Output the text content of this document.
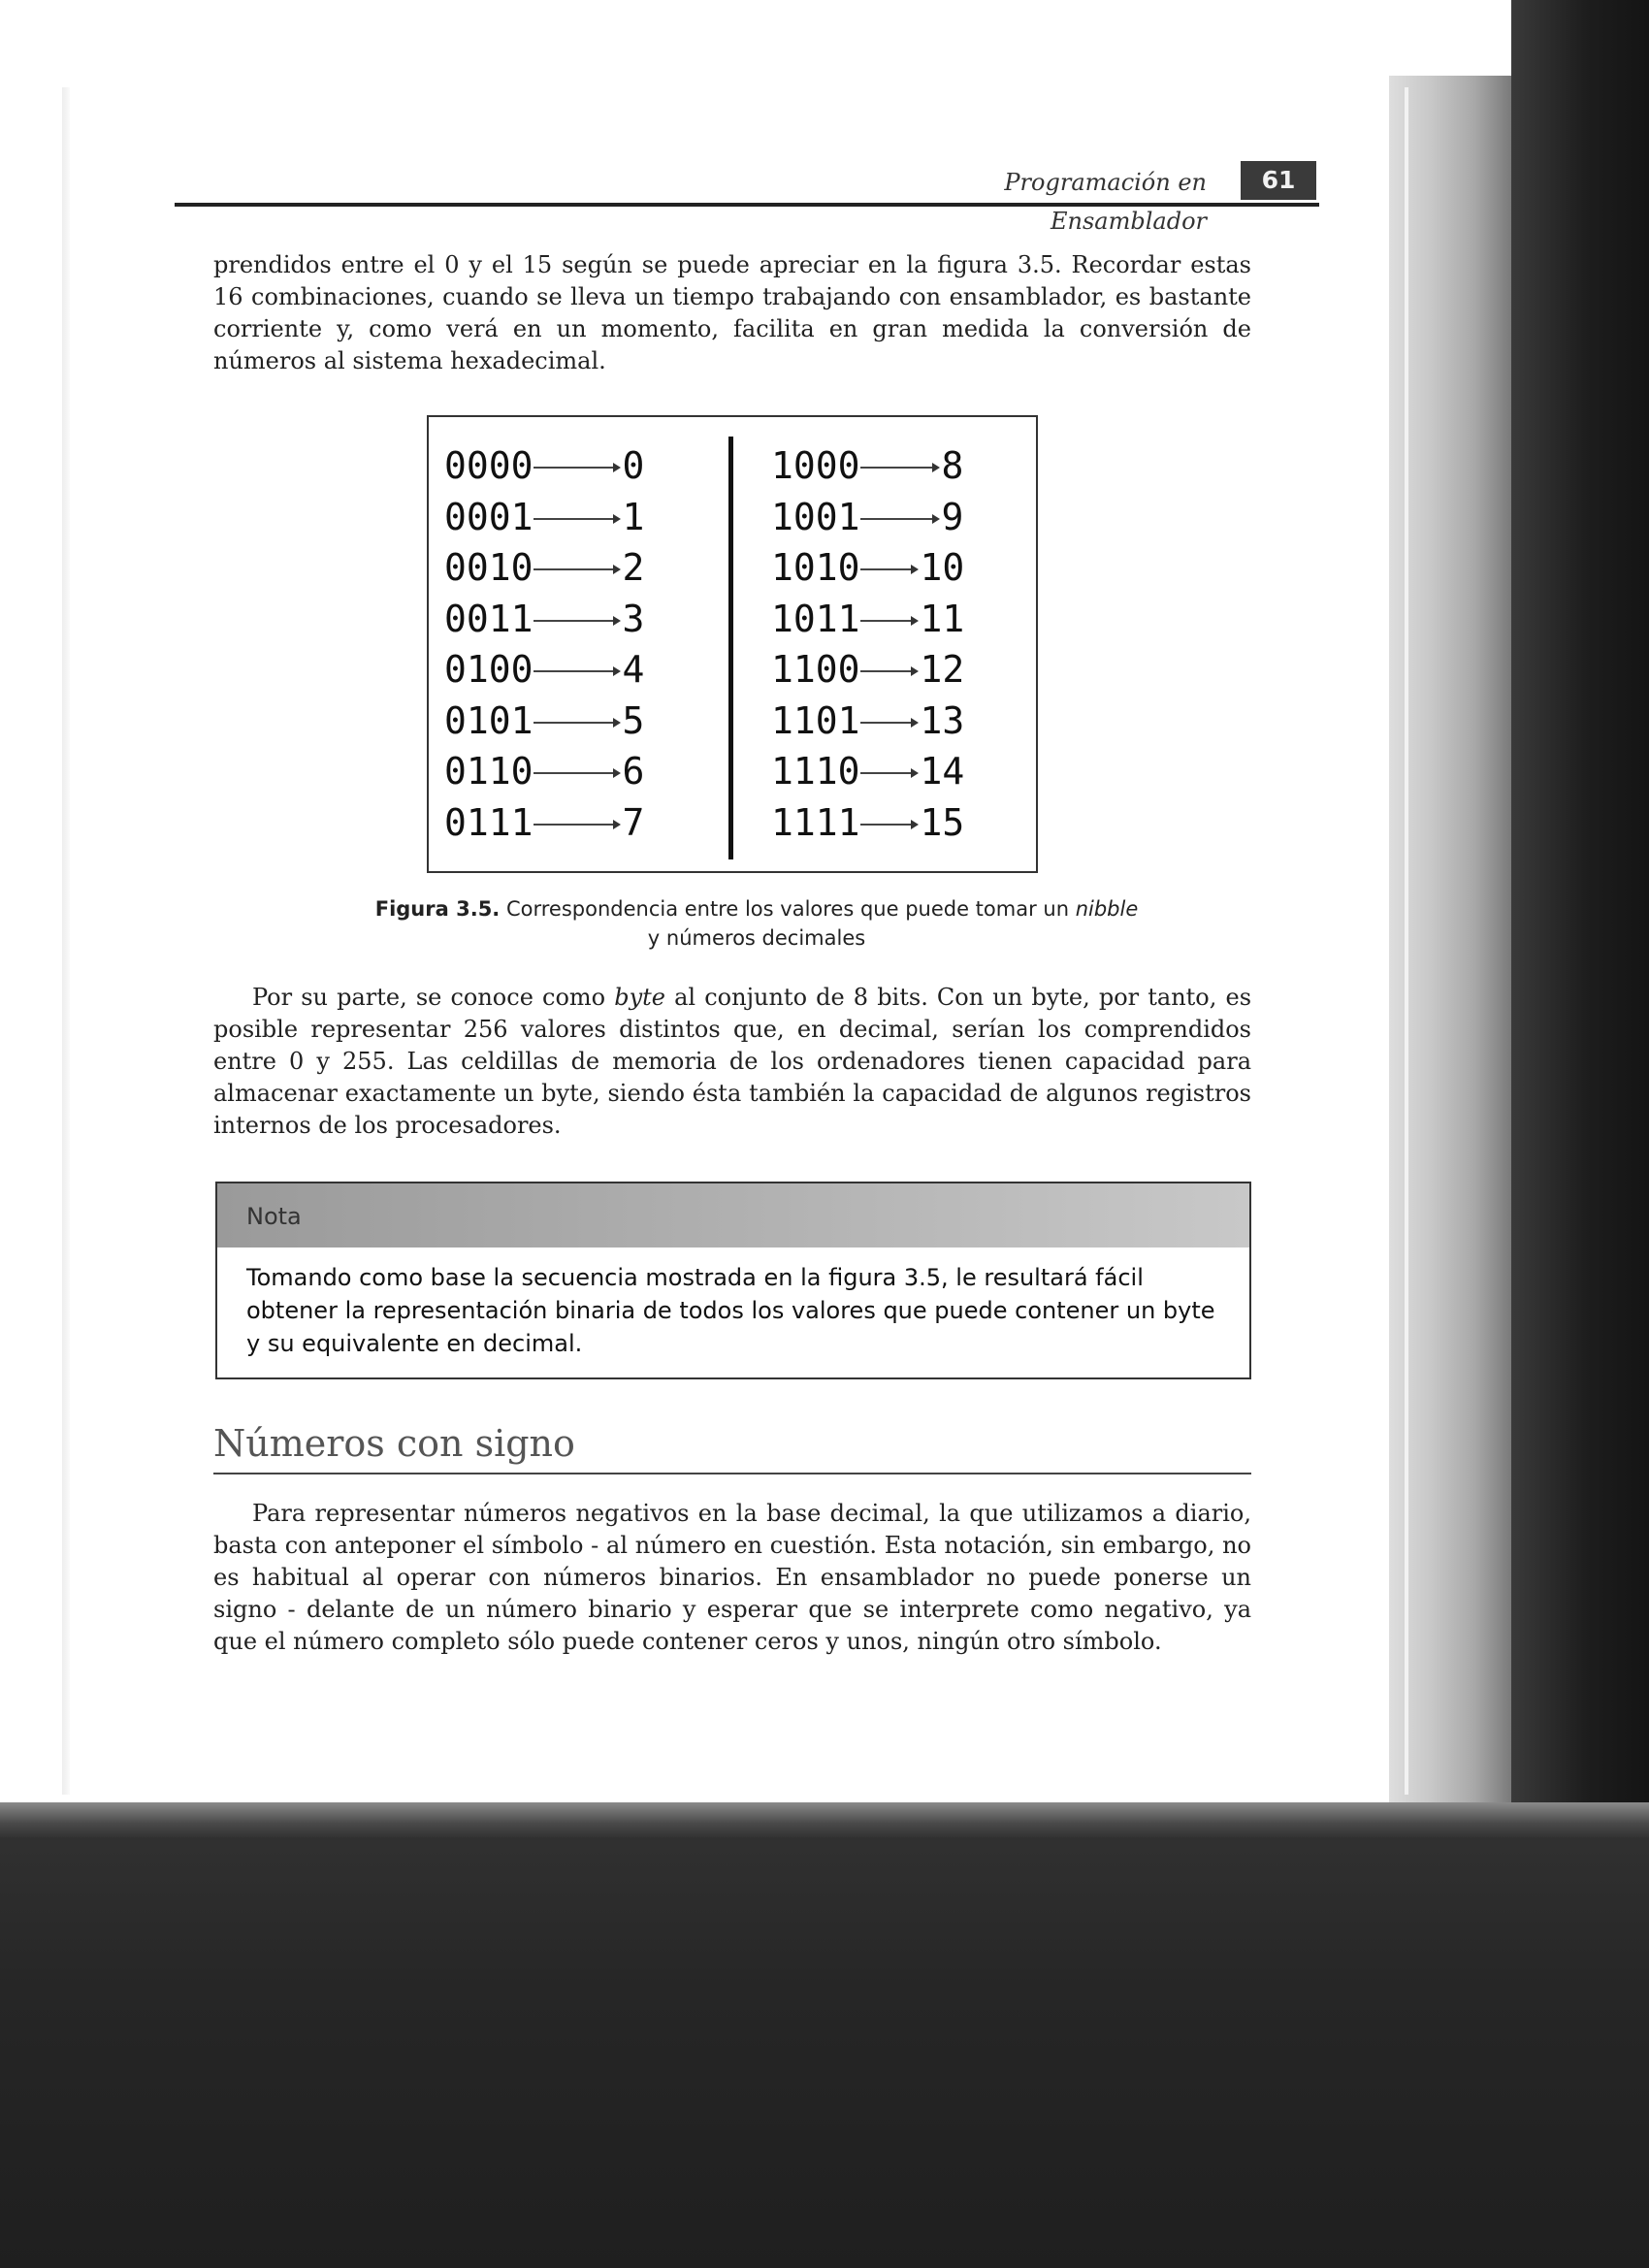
Programación en Ensamblador
61

prendidos entre el 0 y el 15 según se puede apreciar en la figura 3.5. Recordar estas 16 combinaciones, cuando se lleva un tiempo trabajando con ensamblador, es bastante corriente y, como verá en un momento, facilita en gran medida la conversión de números al sistema hexadecimal.

0000 0
0001 1
0010 2
0011 3
0100 4
0101 5
0110 6
0111 7
1000 8
1001 9
1010 10
1011 11
1100 12
1101 13
1110 14
1111 15
Figura 3.5. Correspondencia entre los valores que puede tomar un nibble
y números decimales

Por su parte, se conoce como byte al conjunto de 8 bits. Con un byte, por tanto, es posible representar 256 valores distintos que, en decimal, serían los comprendidos entre 0 y 255. Las celdillas de memoria de los ordenadores tienen capacidad para almacenar exactamente un byte, siendo ésta también la capacidad de algunos registros internos de los procesadores.

Nota
Tomando como base la secuencia mostrada en la figura 3.5, le resultará fácil obtener la representación binaria de todos los valores que puede contener un byte y su equivalente en decimal.
Números con signo

Para representar números negativos en la base decimal, la que utilizamos a diario, basta con anteponer el símbolo - al número en cuestión. Esta notación, sin embargo, no es habitual al operar con números binarios. En ensamblador no puede ponerse un signo - delante de un número binario y esperar que se interprete como negativo, ya que el número completo sólo puede contener ceros y unos, ningún otro símbolo.
